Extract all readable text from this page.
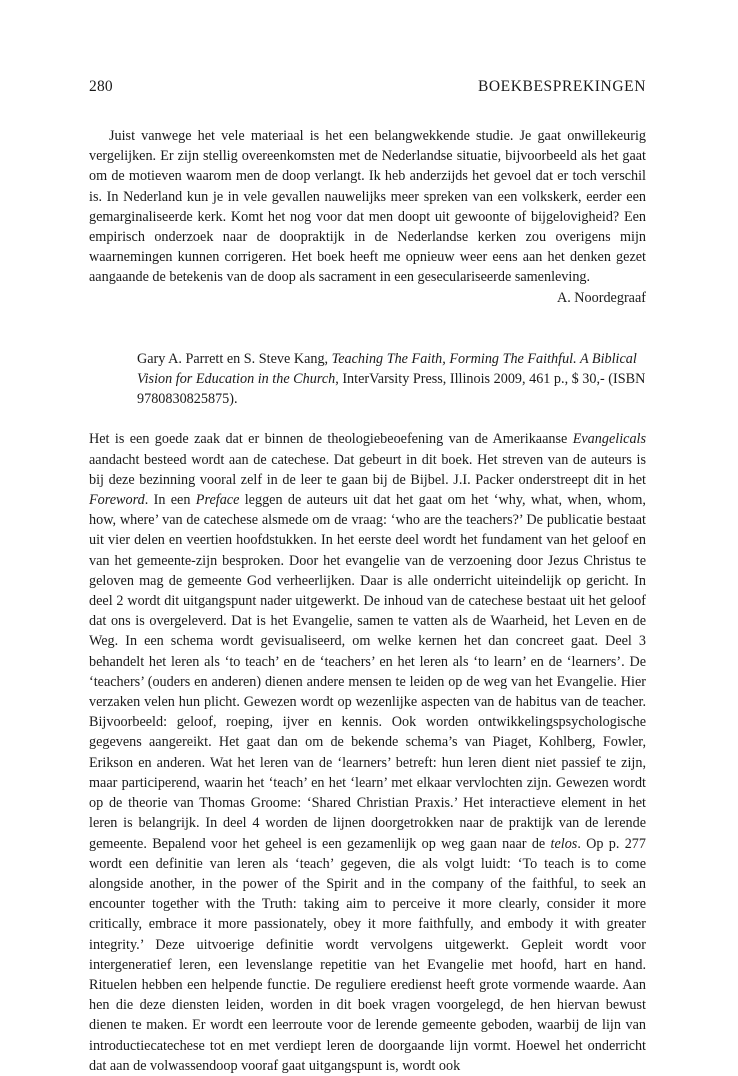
280	BOEKBESPREKINGEN

Juist vanwege het vele materiaal is het een belangwekkende studie. Je gaat onwillekeurig vergelijken. Er zijn stellig overeenkomsten met de Nederlandse situatie, bijvoorbeeld als het gaat om de motieven waarom men de doop verlangt. Ik heb anderzijds het gevoel dat er toch verschil is. In Nederland kun je in vele gevallen nauwelijks meer spreken van een volkskerk, eerder een gemarginaliseerde kerk. Komt het nog voor dat men doopt uit gewoonte of bijgelovigheid? Een empirisch onderzoek naar de doopraktijk in de Nederlandse kerken zou overigens mijn waarnemingen kunnen corrigeren. Het boek heeft me opnieuw weer eens aan het denken gezet aangaande de betekenis van de doop als sacrament in een geseculariseerde samenleving.

A. Noordegraaf

Gary A. Parrett en S. Steve Kang, Teaching The Faith, Forming The Faithful. A Biblical Vision for Education in the Church, InterVarsity Press, Illinois 2009, 461 p., $ 30,- (ISBN 9780830825875).

Het is een goede zaak dat er binnen de theologiebeoefening van de Amerikaanse Evangelicals aandacht besteed wordt aan de catechese. Dat gebeurt in dit boek. Het streven van de auteurs is bij deze bezinning vooral zelf in de leer te gaan bij de Bijbel. J.I. Packer onderstreept dit in het Foreword. In een Preface leggen de auteurs uit dat het gaat om het ‘why, what, when, whom, how, where’ van de catechese alsmede om de vraag: ‘who are the teachers?’ De publicatie bestaat uit vier delen en veertien hoofdstukken. In het eerste deel wordt het fundament van het geloof en van het gemeente-zijn besproken. Door het evangelie van de verzoening door Jezus Christus te geloven mag de gemeente God verheerlijken. Daar is alle onderricht uiteindelijk op gericht. In deel 2 wordt dit uitgangspunt nader uitgewerkt. De inhoud van de catechese bestaat uit het geloof dat ons is overgeleverd. Dat is het Evangelie, samen te vatten als de Waarheid, het Leven en de Weg. In een schema wordt gevisualiseerd, om welke kernen het dan concreet gaat. Deel 3 behandelt het leren als ‘to teach’ en de ‘teachers’ en het leren als ‘to learn’ en de ‘learners’. De ‘teachers’ (ouders en anderen) dienen andere mensen te leiden op de weg van het Evangelie. Hier verzaken velen hun plicht. Gewezen wordt op wezenlijke aspecten van de habitus van de teacher. Bijvoorbeeld: geloof, roeping, ijver en kennis. Ook worden ontwikkelingspsychologische gegevens aangereikt. Het gaat dan om de bekende schema’s van Piaget, Kohlberg, Fowler, Erikson en anderen. Wat het leren van de ‘learners’ betreft: hun leren dient niet passief te zijn, maar participerend, waarin het ‘teach’ en het ‘learn’ met elkaar vervlochten zijn. Gewezen wordt op de theorie van Thomas Groome: ‘Shared Christian Praxis.’ Het interactieve element in het leren is belangrijk. In deel 4 worden de lijnen doorgetrokken naar de praktijk van de lerende gemeente. Bepalend voor het geheel is een gezamenlijk op weg gaan naar de telos. Op p. 277 wordt een definitie van leren als ‘teach’ gegeven, die als volgt luidt: ‘To teach is to come alongside another, in the power of the Spirit and in the company of the faithful, to seek an encounter together with the Truth: taking aim to perceive it more clearly, consider it more critically, embrace it more passionately, obey it more faithfully, and embody it with greater integrity.’ Deze uitvoerige definitie wordt vervolgens uitgewerkt. Gepleit wordt voor intergeneratief leren, een levenslange repetitie van het Evangelie met hoofd, hart en hand. Rituelen hebben een helpende functie. De reguliere eredienst heeft grote vormende waarde. Aan hen die deze diensten leiden, worden in dit boek vragen voorgelegd, de hen hiervan bewust dienen te maken. Er wordt een leerroute voor de lerende gemeente geboden, waarbij de lijn van introductiecatechese tot en met verdiept leren de doorgaande lijn vormt. Hoewel het onderricht dat aan de volwassendoop vooraf gaat uitgangspunt is, wordt ook
